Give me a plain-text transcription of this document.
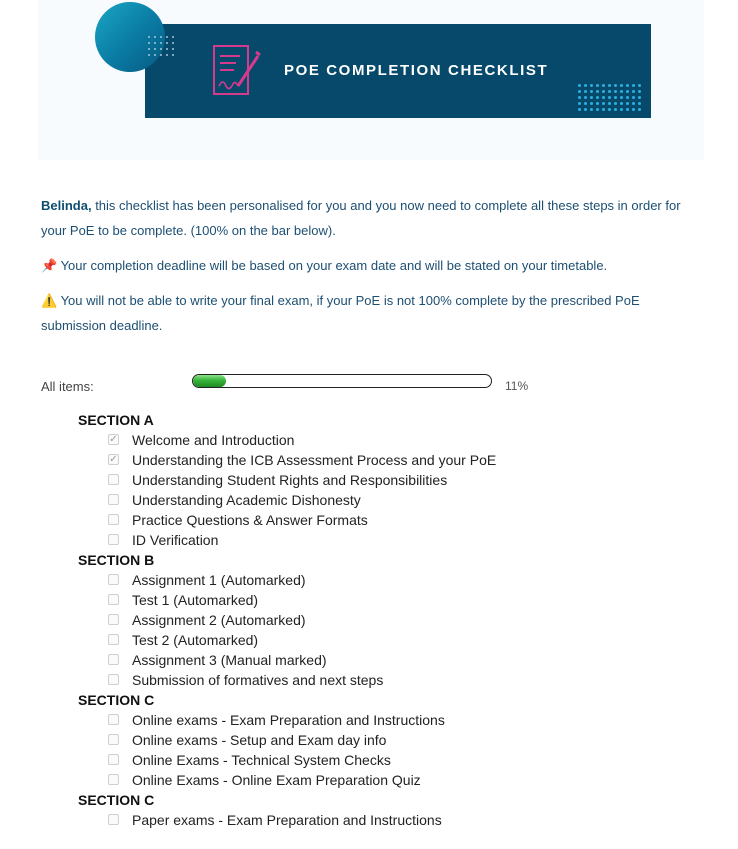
POE COMPLETION CHECKLIST
Belinda, this checklist has been personalised for you and you now need to complete all these steps in order for your PoE to be complete. (100% on the bar below).
📌 Your completion deadline will be based on your exam date and will be stated on your timetable.
⚠️ You will not be able to write your final exam, if your PoE is not 100% complete by the prescribed PoE submission deadline.
All items:	11%
SECTION A
✓ Welcome and Introduction
✓ Understanding the ICB Assessment Process and your PoE
Understanding Student Rights and Responsibilities
Understanding Academic Dishonesty
Practice Questions & Answer Formats
ID Verification
SECTION B
Assignment 1 (Automarked)
Test 1 (Automarked)
Assignment 2 (Automarked)
Test 2 (Automarked)
Assignment 3 (Manual marked)
Submission of formatives and next steps
SECTION C
Online exams - Exam Preparation and Instructions
Online exams - Setup and Exam day info
Online Exams - Technical System Checks
Online Exams - Online Exam Preparation Quiz
SECTION C
Paper exams - Exam Preparation and Instructions
